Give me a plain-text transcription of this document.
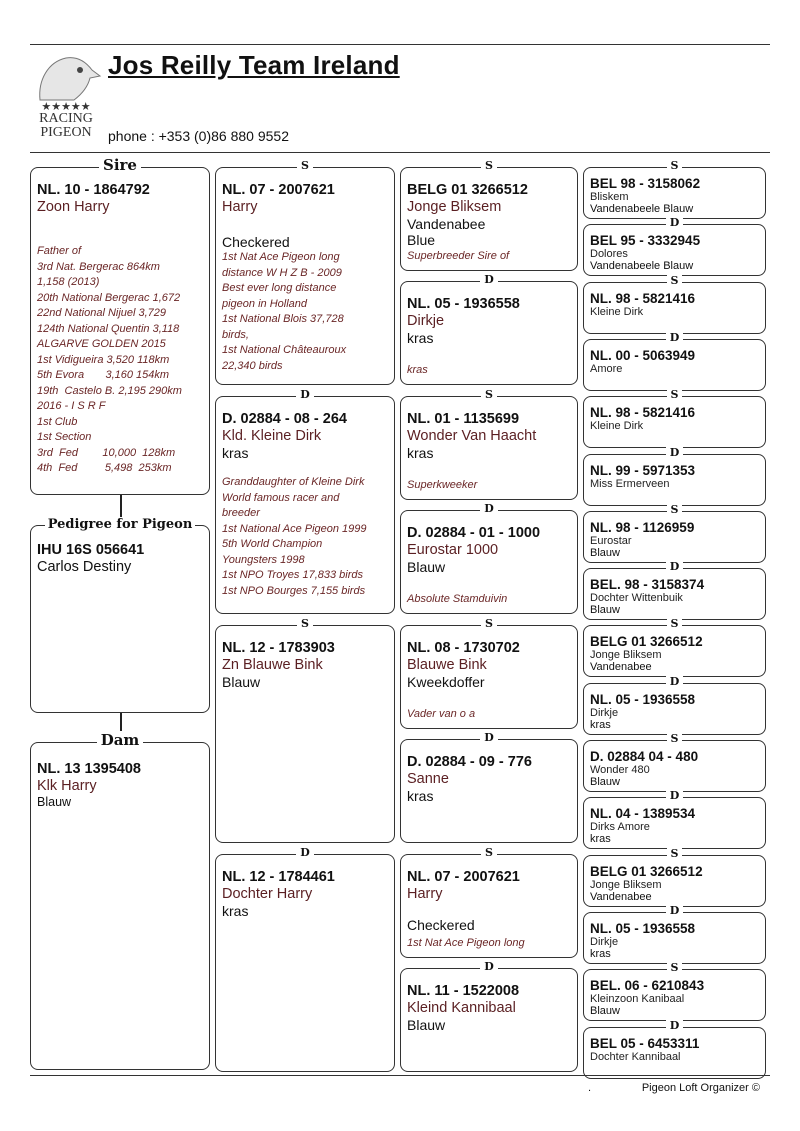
★★★★★
RACING
PIGEON
Jos Reilly Team Ireland
phone : +353 (0)86 880 9552
Sire
NL. 10 - 1864792
Zoon Harry
Father of
3rd Nat. Bergerac 864km
1,158 (2013)
20th National Bergerac 1,672
22nd National Nijuel 3,729
124th National Quentin 3,118
ALGARVE GOLDEN 2015
1st Vidigueira 3,520 118km
5th Evora       3,160 154km
19th  Castelo B. 2,195 290km
2016 - I S R F
1st Club
1st Section
3rd  Fed        10,000  128km
4th  Fed         5,498  253km
IHU 16S 056641
Carlos Destiny
Pedigree for Pigeon
Dam
NL. 13 1395408
Klk Harry
Blauw
S
NL. 07 - 2007621
Harry
Checkered
1st Nat Ace Pigeon long
distance W H Z B - 2009
Best ever long distance
pigeon in Holland
1st National Blois 37,728
birds,
1st National Châteauroux
22,340 birds
D
D. 02884 - 08 - 264
Kld. Kleine Dirk
kras
Granddaughter of Kleine Dirk
World famous racer and
breeder
1st National Ace Pigeon 1999
5th World Champion
Youngsters 1998
1st NPO Troyes 17,833 birds
1st NPO Bourges 7,155 birds
S
NL. 12 - 1783903
Zn Blauwe Bink
Blauw
D
NL. 12 - 1784461
Dochter Harry
kras
S
BELG 01 3266512
Jonge Bliksem
Vandenabee
Blue
Superbreeder Sire of
D
NL. 05 - 1936558
Dirkje
kras
kras
S
NL. 01 - 1135699
Wonder Van Haacht
kras
Superkweeker
D
D. 02884 - 01 - 1000
Eurostar 1000
Blauw
Absolute Stamduivin
S
NL. 08 - 1730702
Blauwe Bink
Kweekdoffer
Vader van o a
D
D. 02884 - 09 - 776
Sanne
kras
S
NL. 07 - 2007621
Harry
Checkered
1st Nat Ace Pigeon long
D
NL. 11 - 1522008
Kleind Kannibaal
Blauw
S
BEL 98 - 3158062
Bliskem
Vandenabeele Blauw
D
BEL 95 - 3332945
Dolores
Vandenabeele Blauw
S
NL. 98 - 5821416
Kleine Dirk
D
NL. 00 - 5063949
Amore
S
NL. 98 - 5821416
Kleine Dirk
D
NL. 99 - 5971353
Miss Ermerveen
S
NL. 98 - 1126959
Eurostar
Blauw
D
BEL. 98 - 3158374
Dochter Wittenbuik
Blauw
S
BELG 01 3266512
Jonge Bliksem
Vandenabee
D
NL. 05 - 1936558
Dirkje
kras
S
D. 02884 04 - 480
Wonder 480
Blauw
D
NL. 04 - 1389534
Dirks Amore
kras
S
BELG 01 3266512
Jonge Bliksem
Vandenabee
D
NL. 05 - 1936558
Dirkje
kras
S
BEL. 06 - 6210843
Kleinzoon Kanibaal
Blauw
D
BEL 05 - 6453311
Dochter Kannibaal
.	Pigeon Loft Organizer ©
